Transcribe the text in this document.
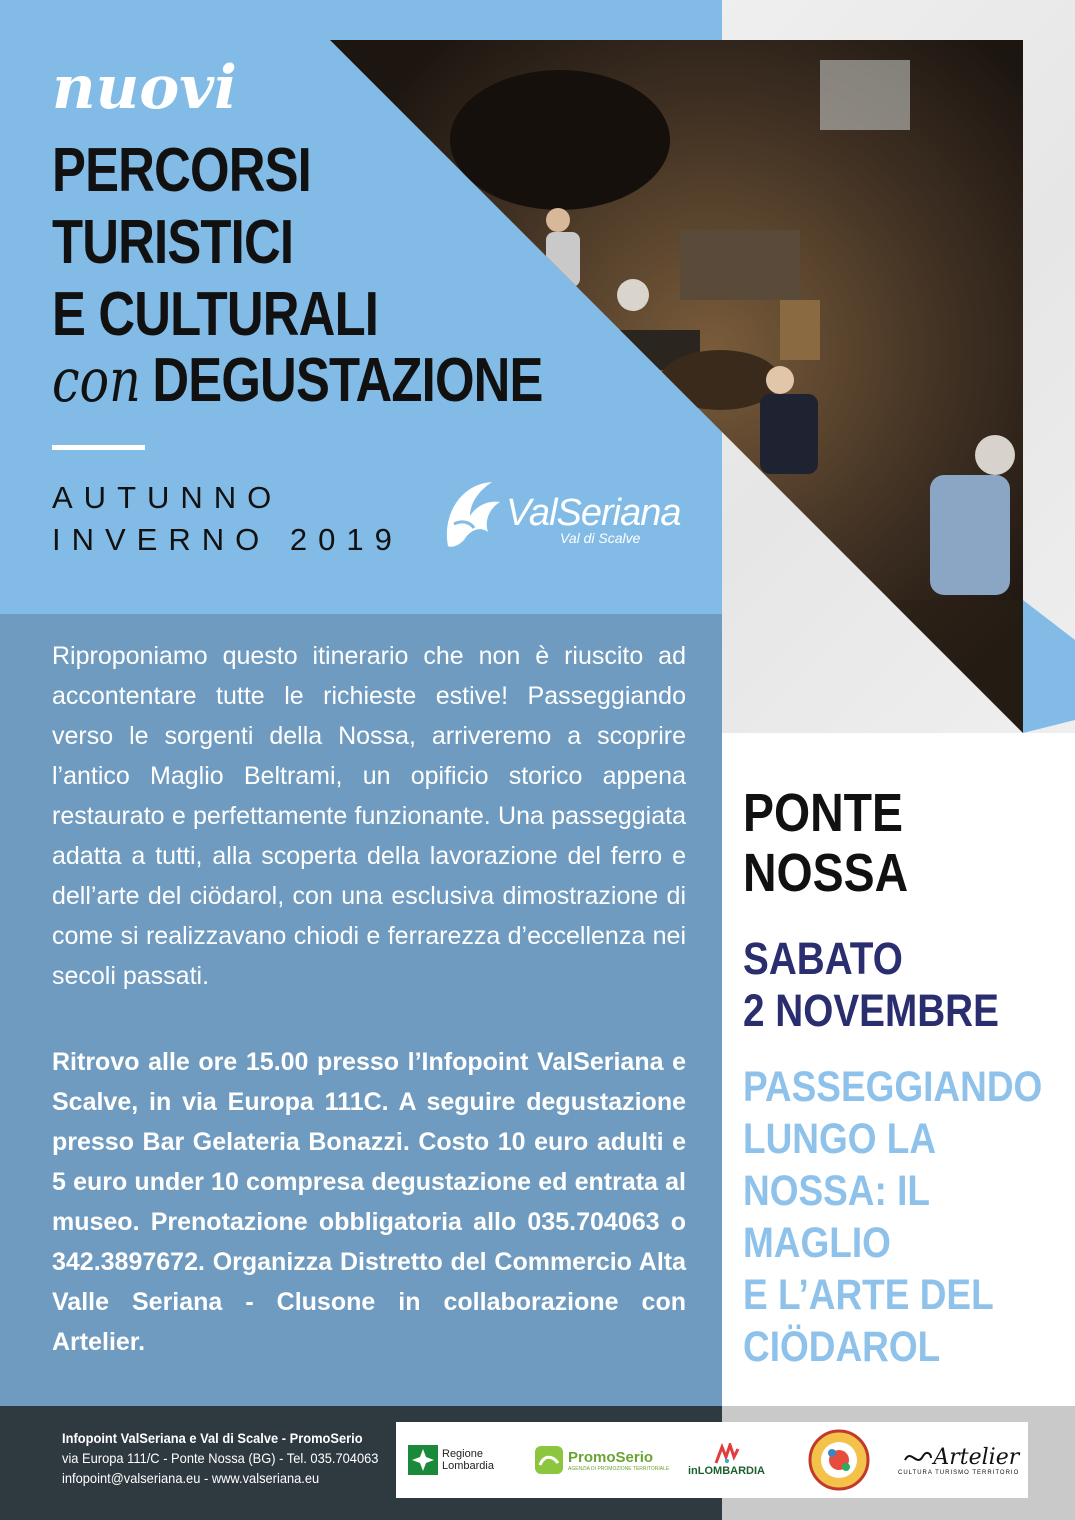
nuovi
PERCORSI
TURISTICI
E CULTURALI
con DEGUSTAZIONE
AUTUNNO
INVERNO 2019
ValSeriana
Val di Scalve

Riproponiamo questo itinerario che non è riuscito ad accontentare tutte le richieste estive! Passeggiando verso le sorgenti della Nossa, arriveremo a scoprire l’antico Maglio Beltrami, un opificio storico appena restaurato e perfettamente funzionante. Una passeggiata adatta a tutti, alla scoperta della lavorazione del ferro e dell’arte del ciödarol, con una esclusiva dimostrazione di come si realizzavano chiodi e ferrarezza d’eccellenza nei secoli passati.

Ritrovo alle ore 15.00 presso l’Infopoint ValSeriana e Scalve, in via Europa 111C. A seguire degustazione presso Bar Gelateria Bonazzi. Costo 10 euro adulti e 5 euro under 10 compresa degustazione ed entrata al museo. Prenotazione obbligatoria allo 035.704063 o 342.3897672. Organizza Distretto del Commercio Alta Valle Seriana - Clusone in collaborazione con Artelier.

PONTE
NOSSA
SABATO
2 NOVEMBRE
PASSEGGIANDO
LUNGO LA
NOSSA: IL
MAGLIO
E L’ARTE DEL
CIÖDAROL
Infopoint ValSeriana e Val di Scalve - PromoSerio
via Europa 111/C - Ponte Nossa (BG) - Tel. 035.704063
infopoint@valseriana.eu - www.valseriana.eu
Regione
Lombardia
PromoSerio
AGENZIA DI PROMOZIONE TERRITORIALE inLOMBARDIA
Artelier
CULTURA TURISMO TERRITORIO
